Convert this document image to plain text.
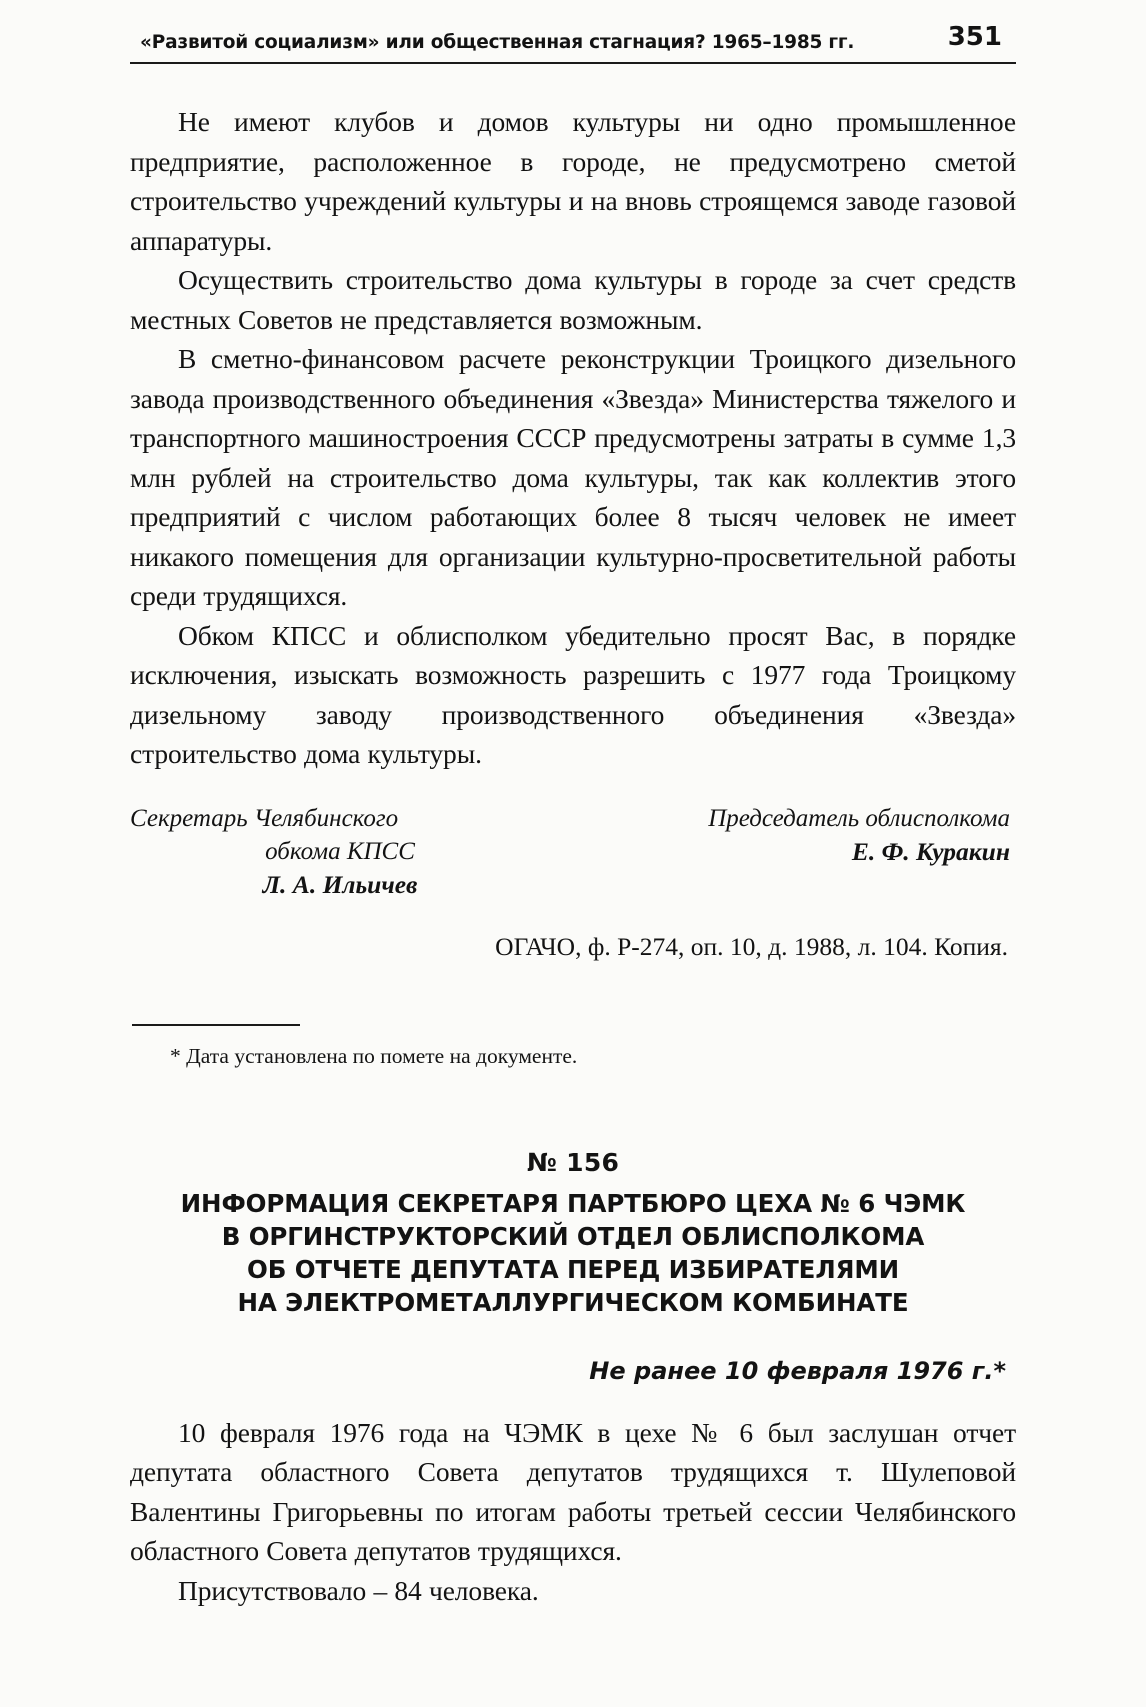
«Развитой социализм» или общественная стагнация? 1965–1985 гг.	351

Не имеют клубов и домов культуры ни одно промышленное предприятие, расположенное в городе, не предусмотрено сметой строительство учреждений культуры и на вновь строящемся заводе газовой аппаратуры.

Осуществить строительство дома культуры в городе за счет средств местных Советов не представляется возможным.

В сметно-финансовом расчете реконструкции Троицкого дизельного завода производственного объединения «Звезда» Министерства тяжелого и транспортного машиностроения СССР предусмотрены затраты в сумме 1,3 млн рублей на строительство дома культуры, так как коллектив этого предприятий с числом работающих более 8 тысяч человек не имеет никакого помещения для организации культурно-просветительной работы среди трудящихся.

Обком КПСС и облисполком убедительно просят Вас, в порядке исключения, изыскать возможность разрешить с 1977 года Троицкому дизельному заводу производственного объединения «Звезда» строительство дома культуры.

Секретарь Челябинского
обкома КПСС
Л. А. Ильичев
Председатель облисполкома
Е. Ф. Куракин
ОГАЧО, ф. Р-274, оп. 10, д. 1988, л. 104. Копия.
* Дата установлена по помете на документе.
№ 156
ИНФОРМАЦИЯ СЕКРЕТАРЯ ПАРТБЮРО ЦЕХА № 6 ЧЭМК
В ОРГИНСТРУКТОРСКИЙ ОТДЕЛ ОБЛИСПОЛКОМА
ОБ ОТЧЕТЕ ДЕПУТАТА ПЕРЕД ИЗБИРАТЕЛЯМИ
НА ЭЛЕКТРОМЕТАЛЛУРГИЧЕСКОМ КОМБИНАТЕ
Не ранее 10 февраля 1976 г.*

10 февраля 1976 года на ЧЭМК в цехе № 6 был заслушан отчет депутата областного Совета депутатов трудящихся т. Шулеповой Валентины Григорьевны по итогам работы третьей сессии Челябинского областного Совета депутатов трудящихся.

Присутствовало – 84 человека.
